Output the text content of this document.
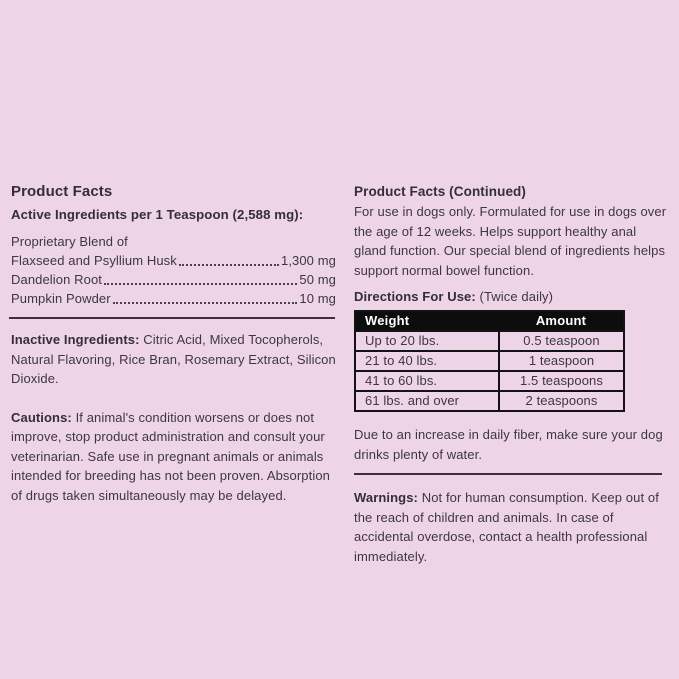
Product Facts
Active Ingredients per 1 Teaspoon (2,588 mg):
Proprietary Blend of
Flaxseed and Psyllium Husk	1,300 mg
Dandelion Root	50 mg
Pumpkin Powder	10 mg

Inactive Ingredients: Citric Acid, Mixed Tocopherols, Natural Flavoring, Rice Bran, Rosemary Extract, Silicon Dioxide.

Cautions: If animal's condition worsens or does not improve, stop product administration and consult your veterinarian. Safe use in pregnant animals or animals intended for breeding has not been proven. Absorption of drugs taken simultaneously may be delayed.

Product Facts (Continued)

For use in dogs only. Formulated for use in dogs over the age of 12 weeks. Helps support healthy anal gland function. Our special blend of ingredients helps support normal bowel function.

Directions For Use: (Twice daily)
Weight	Amount
Up to 20 lbs.	0.5 teaspoon
21 to 40 lbs.	1 teaspoon
41 to 60 lbs.	1.5 teaspoons
61 lbs. and over	2 teaspoons

Due to an increase in daily fiber, make sure your dog drinks plenty of water.

Warnings: Not for human consumption. Keep out of the reach of children and animals. In case of accidental overdose, contact a health professional immediately.
